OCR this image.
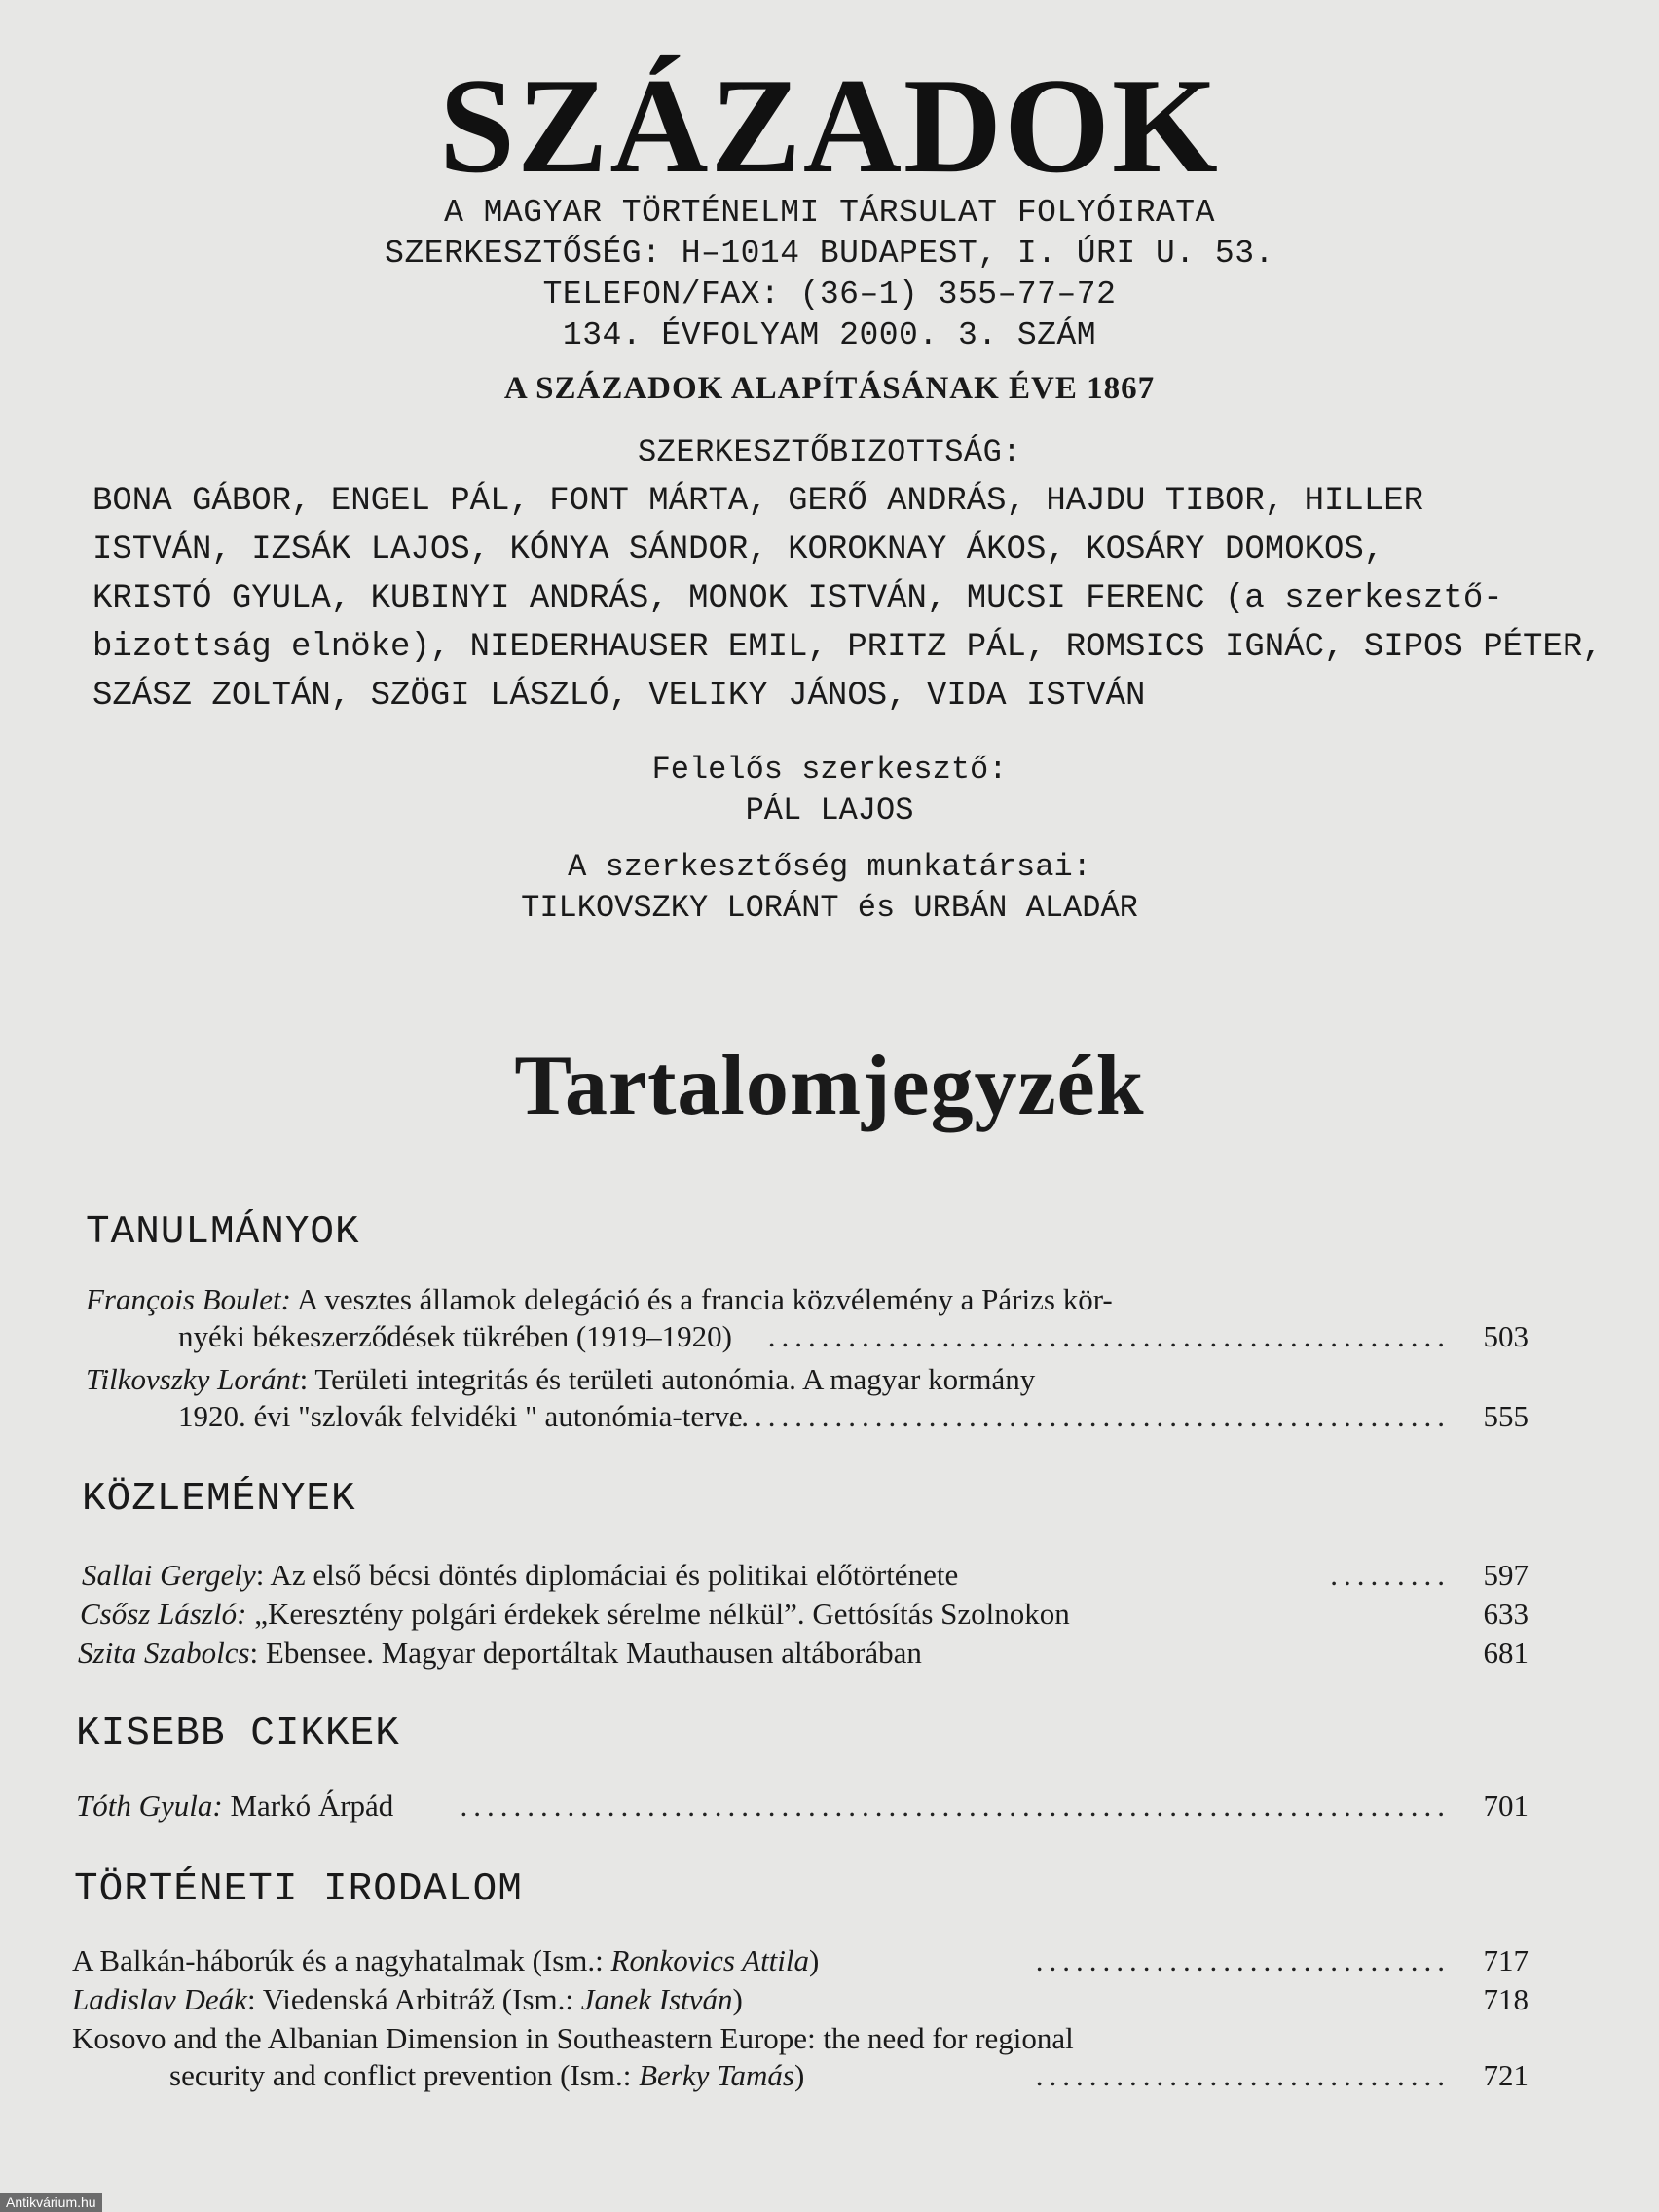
SZÁZADOK
A MAGYAR TÖRTÉNELMI TÁRSULAT FOLYÓIRATA
SZERKESZTŐSÉG: H–1014 BUDAPEST, I. ÚRI U. 53.
TELEFON/FAX: (36–1) 355–77–72
134. ÉVFOLYAM 2000. 3. SZÁM
A SZÁZADOK ALAPÍTÁSÁNAK ÉVE 1867
SZERKESZTŐBIZOTTSÁG:
BONA GÁBOR, ENGEL PÁL, FONT MÁRTA, GERŐ ANDRÁS, HAJDU TIBOR, HILLER
ISTVÁN, IZSÁK LAJOS, KÓNYA SÁNDOR, KOROKNAY ÁKOS, KOSÁRY DOMOKOS,
KRISTÓ GYULA, KUBINYI ANDRÁS, MONOK ISTVÁN, MUCSI FERENC (a szerkesztő-
bizottság elnöke), NIEDERHAUSER EMIL, PRITZ PÁL, ROMSICS IGNÁC, SIPOS PÉTER,
SZÁSZ ZOLTÁN, SZÖGI LÁSZLÓ, VELIKY JÁNOS, VIDA ISTVÁN
Felelős szerkesztő:
PÁL LAJOS
A szerkesztőség munkatársai:
TILKOVSZKY LORÁNT és URBÁN ALADÁR
Tartalomjegyzék
TANULMÁNYOK
François Boulet: A vesztes államok delegáció és a francia közvélemény a Párizs kör-
nyéki békeszerződések tükrében (1919–1920) ...................................................	503
Tilkovszky Loránt: Területi integritás és területi autonómia. A magyar kormány
1920. évi "szlovák felvidéki " autonómia-terve
......................................................	555
KÖZLEMÉNYEK
Sallai Gergely: Az első bécsi döntés diplomáciai és politikai előtörténete	.........	597
Csősz László: „Keresztény polgári érdekek sérelme nélkül”. Gettósítás Szolnokon	633
Szita Szabolcs: Ebensee. Magyar deportáltak Mauthausen altáborában	681
KISEBB CIKKEK
Tóth Gyula: Markó Árpád ..........................................................................	701
TÖRTÉNETI IRODALOM
A Balkán-háborúk és a nagyhatalmak (Ism.: Ronkovics Attila)	...............................	717
Ladislav Deák: Viedenská Arbitráž (Ism.: Janek István)	718
Kosovo and the Albanian Dimension in Southeastern Europe: the need for regional
security and conflict prevention (Ism.: Berky Tamás)	...............................	721
Antikvárium.hu
